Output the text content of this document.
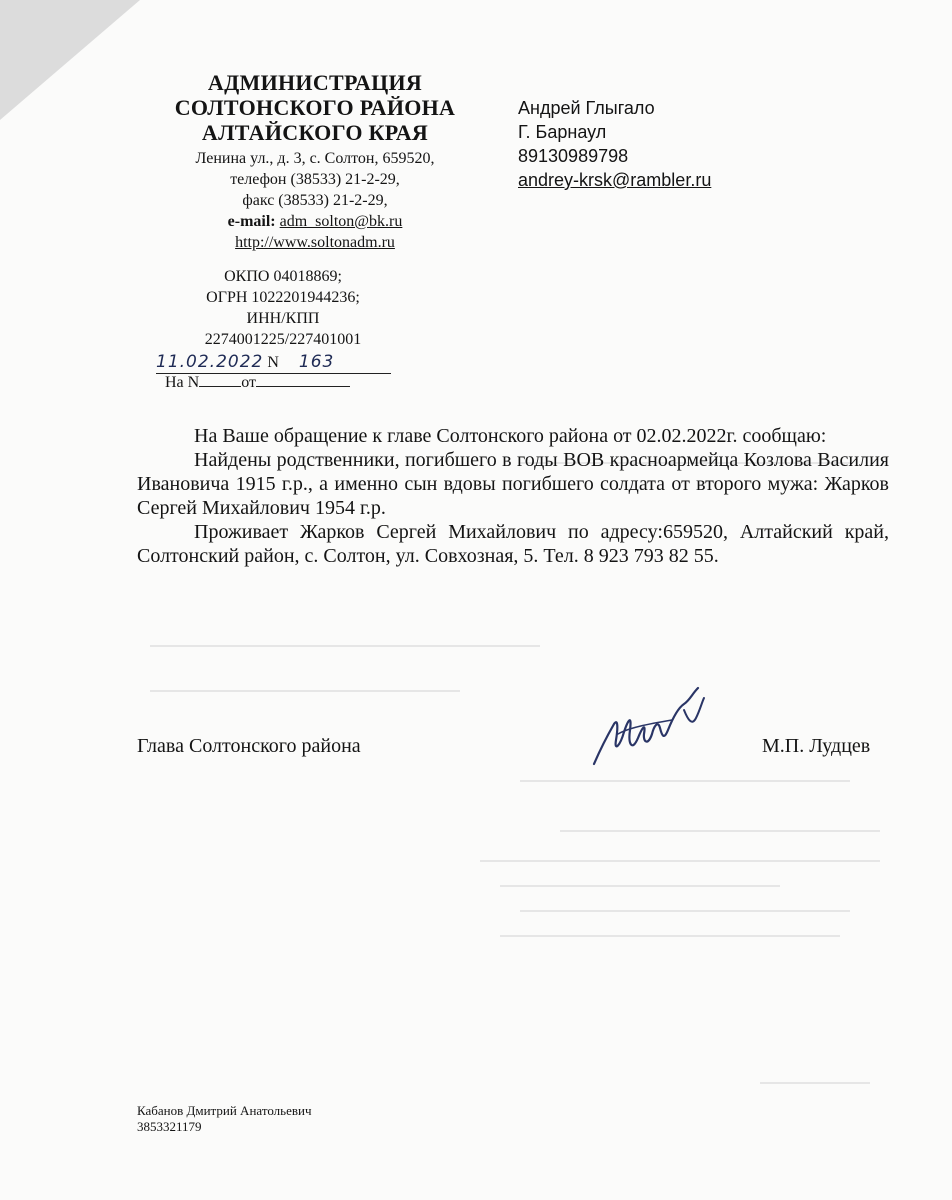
АДМИНИСТРАЦИЯ
СОЛТОНСКОГО РАЙОНА
АЛТАЙСКОГО КРАЯ
Ленина ул., д. 3, с. Солтон, 659520,
телефон (38533) 21-2-29,
факс (38533) 21-2-29,
e-mail: adm_solton@bk.ru
http://www.soltonadm.ru
ОКПО 04018869;
ОГРН 1022201944236;
ИНН/КПП
2274001225/227401001
11.02.2022 N 163
На N	от
Андрей Глыгало
Г. Барнаул
89130989798
andrey-krsk@rambler.ru

На Ваше обращение к главе Солтонского района от 02.02.2022г. сообщаю:

Найдены родственники, погибшего в годы ВОВ красноармейца Козлова Василия Ивановича 1915 г.р., а именно сын вдовы погибшего солдата от второго мужа: Жарков Сергей Михайлович 1954 г.р.

Проживает Жарков Сергей Михайлович по адресу:659520, Алтайский край, Солтонский район, с. Солтон, ул. Совхозная, 5. Тел. 8 923 793 82 55.

Глава Солтонского района	М.П. Лудцев
Кабанов Дмитрий Анатольевич
3853321179
